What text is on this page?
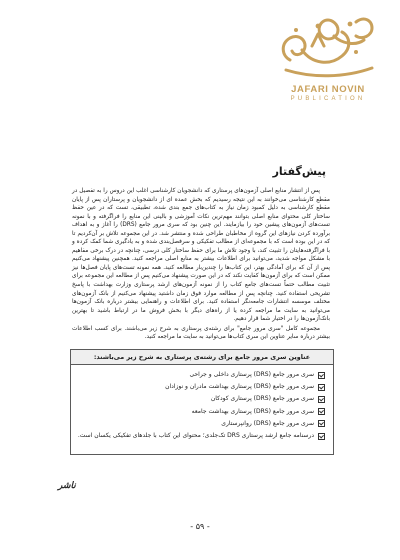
JAFARI NOVIN
PUBLICATION
پیش‌گفتار

پس از انتشار منابع اصلی آزمون‌های پرستاری که دانشجویان کارشناسی اغلب این دروس را به تفصیل در مقطع کارشناسی می‌خوانند به این نتیجه رسیدیم که بخش عمده ای از دانشجویان و پرستاران پس از پایان مقطع کارشناسی به دلیل کمبود زمان نیاز به کتاب‌های جمع بندی شده، تطبیقی، تست که در عین حفظ ساختار کلی محتوای منابع اصلی بتوانند مهم‌ترین نکات آموزشی و بالینی این منابع را فراگرفته و با نمونه تست‌های آزمون‌های پیشین خود را بیازمایند. این چنین بود که سری مرور جامع (DRS) را آغاز و به اهداف برآورده کردن نیازهای این گروه از مخاطبان طراحی شده و منتشر شد. در این مجموعه تلاش بر آن‌کردیم تا که در این بوده است که با مجموعه‌ای از مطالب تفکیکی و سرفصل‌بندی شده و به یادگیری شما کمک کرده و با فراگرفته‌هایتان را تثبیت کند، با وجود تلاش ما برای حفظ ساختار کلی درسی، چنانچه در درک برخی مفاهیم با مشکل مواجه شدید، می‌توانید برای اطلاعات بیشتر به منابع اصلی مراجعه کنید. همچنین پیشنهاد می‌کنیم پس از آن که برای آمادگی بهتر، این کتاب‌ها را چندین‌بار مطالعه کنید. همه نمونه تست‌های پایان فصل‌ها نیز ممکن است که برای آزمون‌ها کفایت نکند که در این صورت پیشنهاد می‌کنیم پس از مطالعه این مجموعه برای تثبیت مطالب حتماً تست‌های جامع کتاب را از نمونه آزمون‌های ارشد پرستاری وزارت بهداشت با پاسخ تشریحی استفاده کنید. چنانچه پس از مطالعه موارد فوق زمان داشتید پیشنهاد می‌کنیم از بانک آزمون‌های مختلف موسسه انتشارات جامعه‌نگر استفاده کنید. برای اطلاعات و راهنمایی بیشتر درباره بانک آزمون‌ها می‌توانید به سایت ما مراجعه کرده یا از راه‌های دیگر با بخش فروش ما در ارتباط باشید تا بهترین بانک‌آزمون‌ها را در اختیار شما قرار دهیم.

مجموعه کامل "سری مرور جامع" برای رشته‌ی پرستاری به شرح زیر می‌باشند. برای کسب اطلاعات بیشتر درباره سایر عناوین این سری کتاب‌ها می‌توانید به سایت ما مراجعه کنید.

عناوین سری مرور جامع برای رشته‌ی پرستاری به شرح زیر می‌باشند:
سری مرور جامع (DRS) پرستاری داخلی و جراحی
سری مرور جامع (DRS) پرستاری بهداشت مادران و نوزادان
سری مرور جامع (DRS) پرستاری کودکان
سری مرور جامع (DRS) پرستاری بهداشت جامعه
سری مرور جامع (DRS) روانپرستاری
درسنامه جامع ارشد پرستاری DRS تک‌جلدی؛ محتوای این کتاب با جلدهای تفکیکی یکسان است.
ناشر
- ۵۹ -
